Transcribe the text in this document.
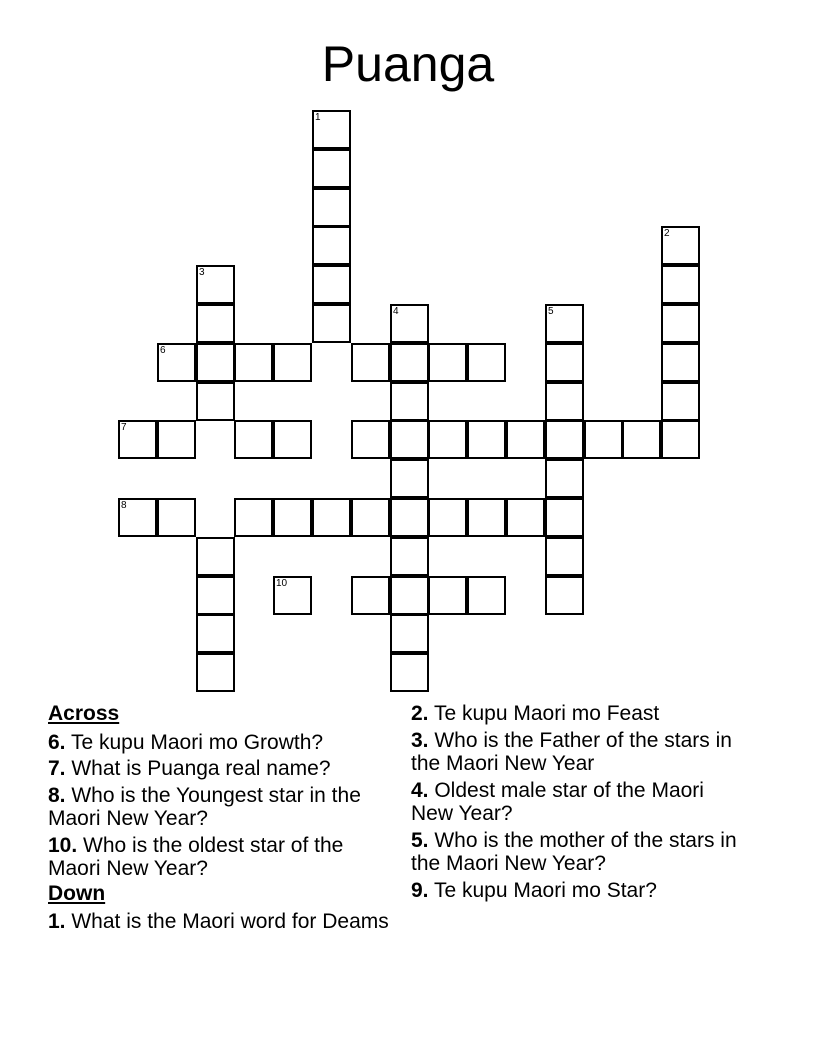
Puanga
1
2
3
4	5
6
7
8
10
Across
6. Te kupu Maori mo Growth?
7. What is Puanga real name?
8. Who is the Youngest star in the Maori New Year?
10. Who is the oldest star of the Maori New Year?
Down
1. What is the Maori word for Deams
2. Te kupu Maori mo Feast
3. Who is the Father of the stars in the Maori New Year
4. Oldest male star of the Maori New Year?
5. Who is the mother of the stars in the Maori New Year?
9. Te kupu Maori mo Star?
